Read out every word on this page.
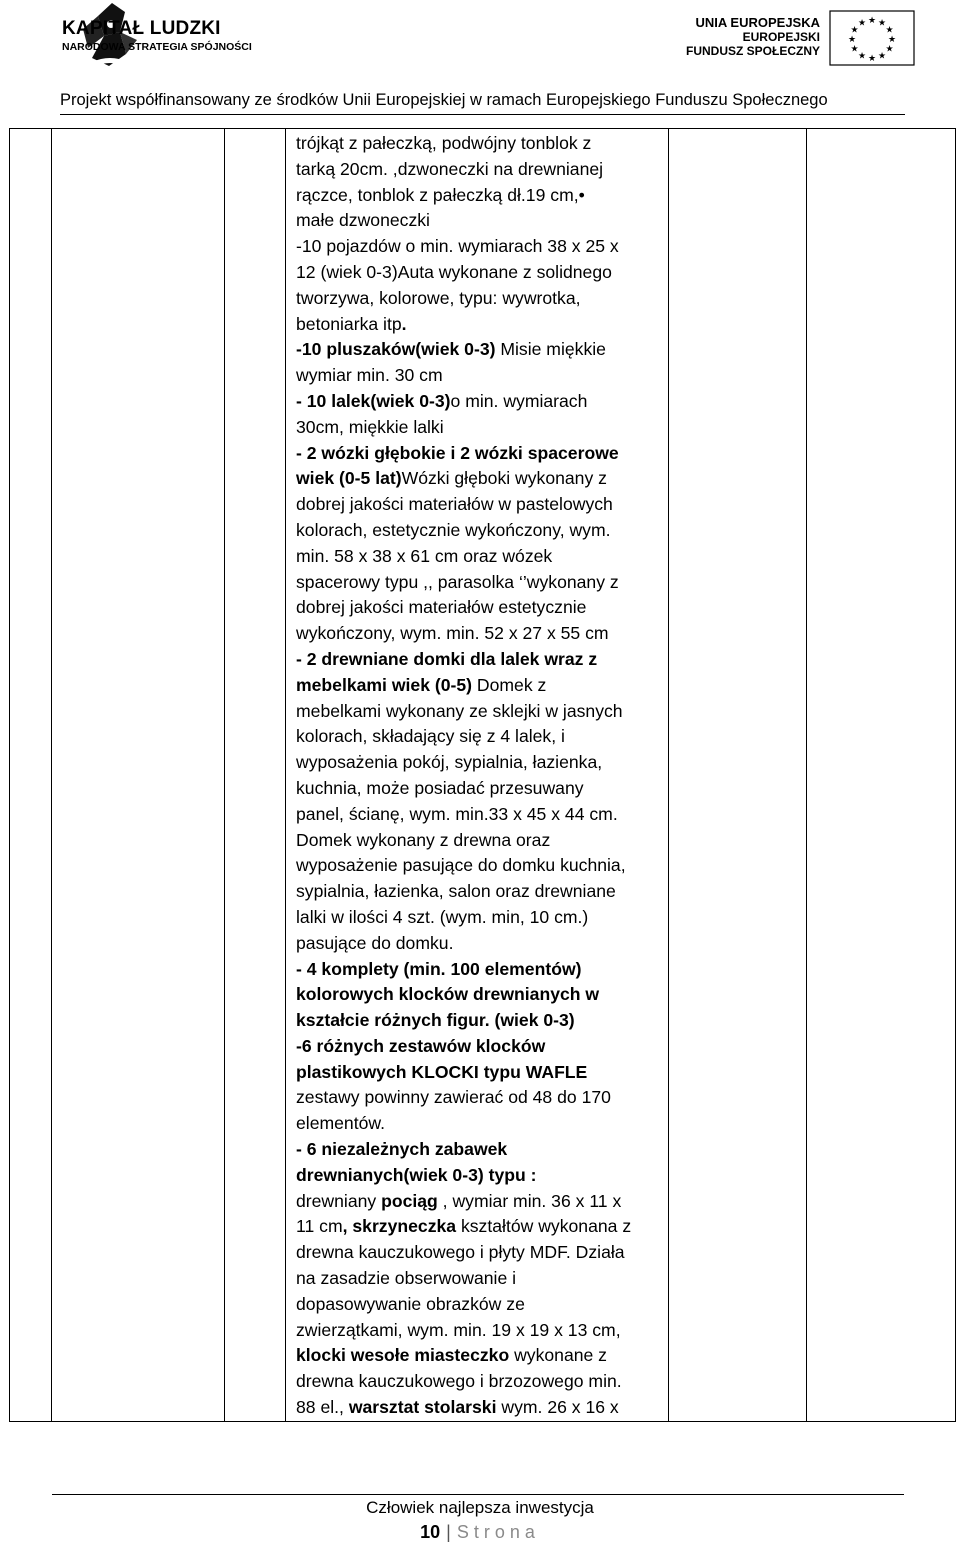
KAPITAŁ LUDZKI
NARODOWA STRATEGIA SPÓJNOŚCI
UNIA EUROPEJSKA
EUROPEJSKI
FUNDUSZ SPOŁECZNY
★ ★
★
★
★
★
★
★
★
★
★
★
Projekt współfinansowany ze środków Unii Europejskiej w ramach Europejskiego Funduszu Społecznego

trójkąt z pałeczką, podwójny tonblok z

tarką 20cm. ,dzwoneczki na drewnianej

rączce, tonblok z pałeczką dł.19 cm,•

małe dzwoneczki

-10 pojazdów o min. wymiarach 38 x 25 x

12 (wiek 0-3)Auta wykonane z solidnego

tworzywa, kolorowe, typu: wywrotka,

betoniarka itp.

-10 pluszaków(wiek 0-3) Misie miękkie

wymiar min. 30 cm

- 10 lalek(wiek 0-3)o min. wymiarach

30cm, miękkie lalki

- 2 wózki głębokie i 2 wózki spacerowe

wiek (0-5 lat)Wózki głęboki wykonany z

dobrej jakości materiałów w pastelowych

kolorach, estetycznie wykończony, wym.

min. 58 x 38 x 61 cm oraz wózek

spacerowy typu ,, parasolka ‘’wykonany z

dobrej jakości materiałów estetycznie

wykończony, wym. min. 52 x 27 x 55 cm

- 2 drewniane domki dla lalek wraz z

mebelkami wiek (0-5) Domek z

mebelkami wykonany ze sklejki w jasnych

kolorach, składający się z 4 lalek, i

wyposażenia pokój, sypialnia, łazienka,

kuchnia, może posiadać przesuwany

panel, ścianę, wym. min.33 x 45 x 44 cm.

Domek wykonany z drewna oraz

wyposażenie pasujące do domku kuchnia,

sypialnia, łazienka, salon oraz drewniane

lalki w ilości 4 szt. (wym. min, 10 cm.)

pasujące do domku.

- 4 komplety (min. 100 elementów)

kolorowych klocków drewnianych w

kształcie różnych figur. (wiek 0-3)

-6 różnych zestawów klocków

plastikowych KLOCKI typu WAFLE

zestawy powinny zawierać od 48 do 170

elementów.

- 6 niezależnych zabawek

drewnianych(wiek 0-3) typu :

drewniany pociąg , wymiar min. 36 x 11 x

11 cm, skrzyneczka kształtów wykonana z

drewna kauczukowego i płyty MDF. Działa

na zasadzie obserwowanie i

dopasowywanie obrazków ze

zwierzątkami, wym. min. 19 x 19 x 13 cm,

klocki wesołe miasteczko wykonane z

drewna kauczukowego i brzozowego min.

88 el., warsztat stolarski wym. 26 x 16 x

Człowiek najlepsza inwestycja
10 | Strona
